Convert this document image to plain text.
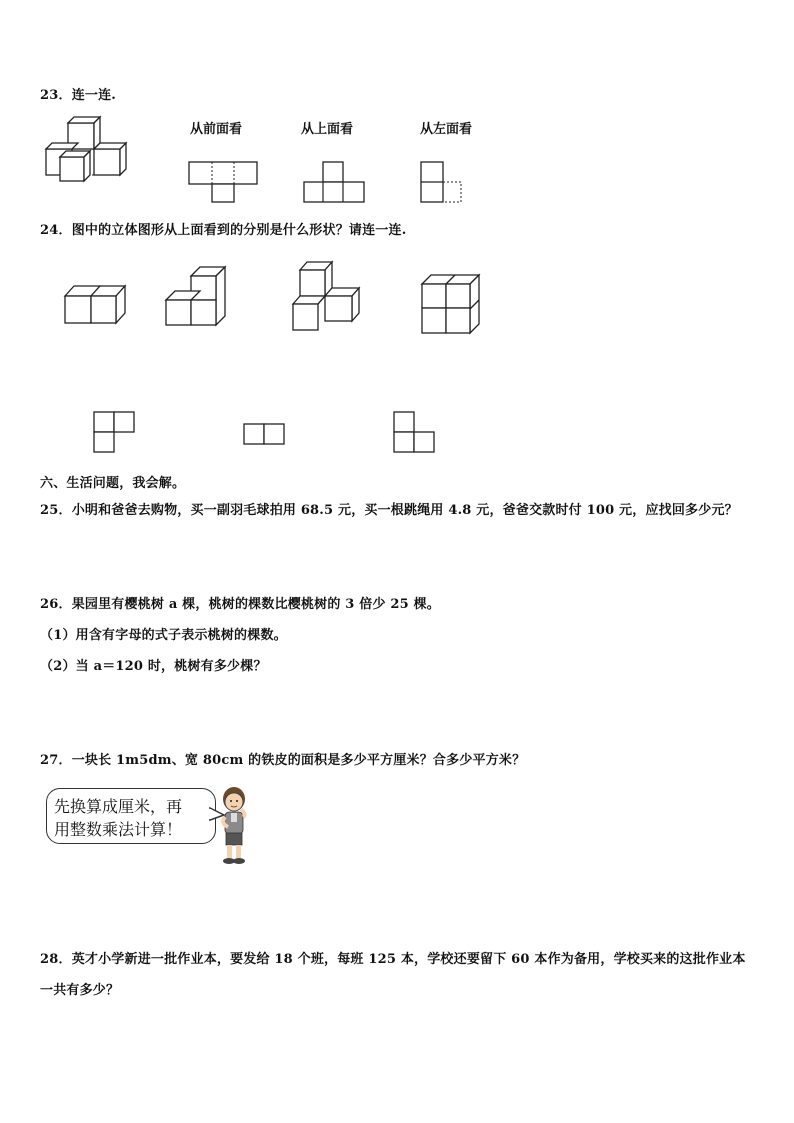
23．连一连.
从前面看	从上面看	从左面看
24．图中的立体图形从上面看到的分别是什么形状？请连一连.
六、生活问题，我会解。
25．小明和爸爸去购物，买一副羽毛球拍用 68.5 元，买一根跳绳用 4.8 元，爸爸交款时付 100 元，应找回多少元？
26．果园里有樱桃树 a 棵，桃树的棵数比樱桃树的 3 倍少 25 棵。
（1）用含有字母的式子表示桃树的棵数。
（2）当 a＝120 时，桃树有多少棵？
27．一块长 1m5dm、宽 80cm 的铁皮的面积是多少平方厘米？合多少平方米？
先换算成厘米，再
用整数乘法计算！
28．英才小学新进一批作业本，要发给 18 个班，每班 125 本，学校还要留下 60 本作为备用，学校买来的这批作业本
一共有多少？
